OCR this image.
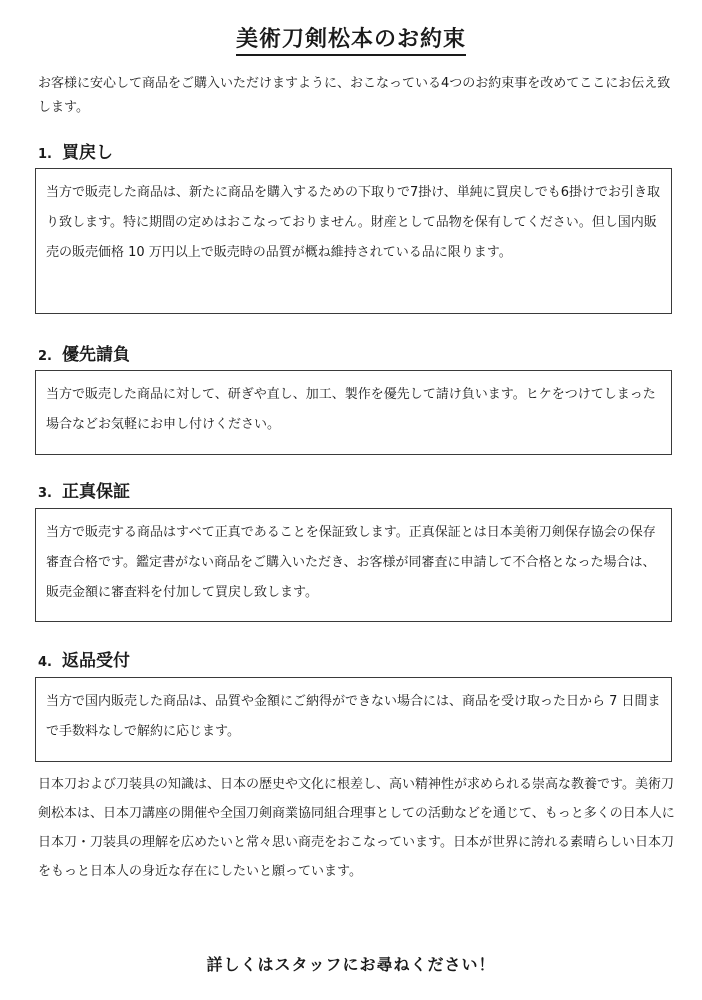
美術刀剣松本のお約束
お客様に安心して商品をご購入いただけますように、おこなっている4つのお約束事を改めてここにお伝え致します。
1. 買戻し
当方で販売した商品は、新たに商品を購入するための下取りで7掛け、単純に買戻しでも6掛けでお引き取り致します。特に期間の定めはおこなっておりません。財産として品物を保有してください。但し国内販売の販売価格 10 万円以上で販売時の品質が概ね維持されている品に限ります。
2. 優先請負
当方で販売した商品に対して、研ぎや直し、加工、製作を優先して請け負います。ヒケをつけてしまった場合などお気軽にお申し付けください。
3. 正真保証
当方で販売する商品はすべて正真であることを保証致します。正真保証とは日本美術刀剣保存協会の保存審査合格です。鑑定書がない商品をご購入いただき、お客様が同審査に申請して不合格となった場合は、販売金額に審査料を付加して買戻し致します。
4. 返品受付
当方で国内販売した商品は、品質や金額にご納得ができない場合には、商品を受け取った日から 7 日間まで手数料なしで解約に応じます。
日本刀および刀装具の知識は、日本の歴史や文化に根差し、高い精神性が求められる崇高な教養です。美術刀剣松本は、日本刀講座の開催や全国刀剣商業協同組合理事としての活動などを通じて、もっと多くの日本人に日本刀・刀装具の理解を広めたいと常々思い商売をおこなっています。日本が世界に誇れる素晴らしい日本刀をもっと日本人の身近な存在にしたいと願っています。
詳しくはスタッフにお尋ねください！
